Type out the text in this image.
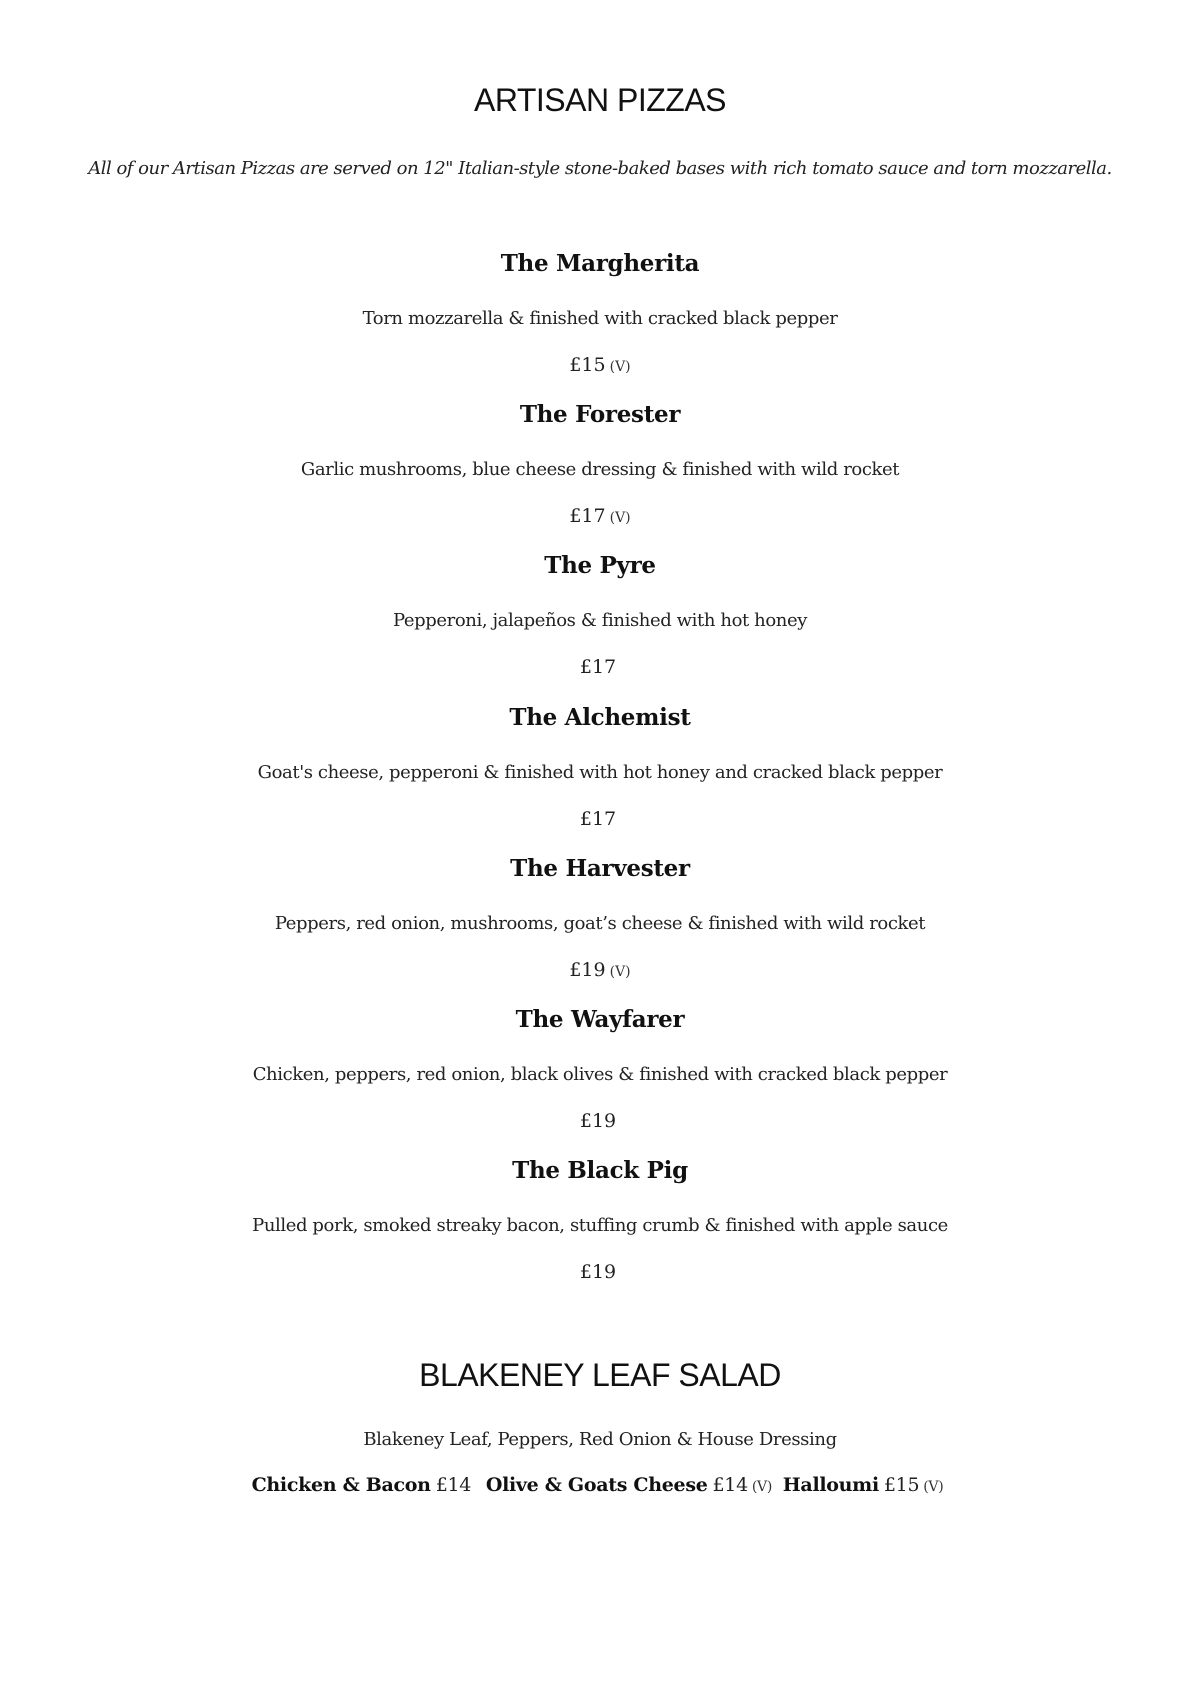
ARTISAN PIZZAS
All of our Artisan Pizzas are served on 12" Italian-style stone-baked bases with rich tomato sauce and torn mozzarella.
The Margherita
Torn mozzarella & finished with cracked black pepper
£15 (V)
The Forester
Garlic mushrooms, blue cheese dressing & finished with wild rocket
£17 (V)
The Pyre
Pepperoni, jalapeños & finished with hot honey
£17
The Alchemist
Goat's cheese, pepperoni & finished with hot honey and cracked black pepper
£17
The Harvester
Peppers, red onion, mushrooms, goat’s cheese & finished with wild rocket
£19 (V)
The Wayfarer
Chicken, peppers, red onion, black olives & finished with cracked black pepper
£19
The Black Pig
Pulled pork, smoked streaky bacon, stuffing crumb & finished with apple sauce
£19
BLAKENEY LEAF SALAD
Blakeney Leaf, Peppers, Red Onion & House Dressing
Chicken & Bacon £14 Olive & Goats Cheese £14 (V) Halloumi £15 (V)
